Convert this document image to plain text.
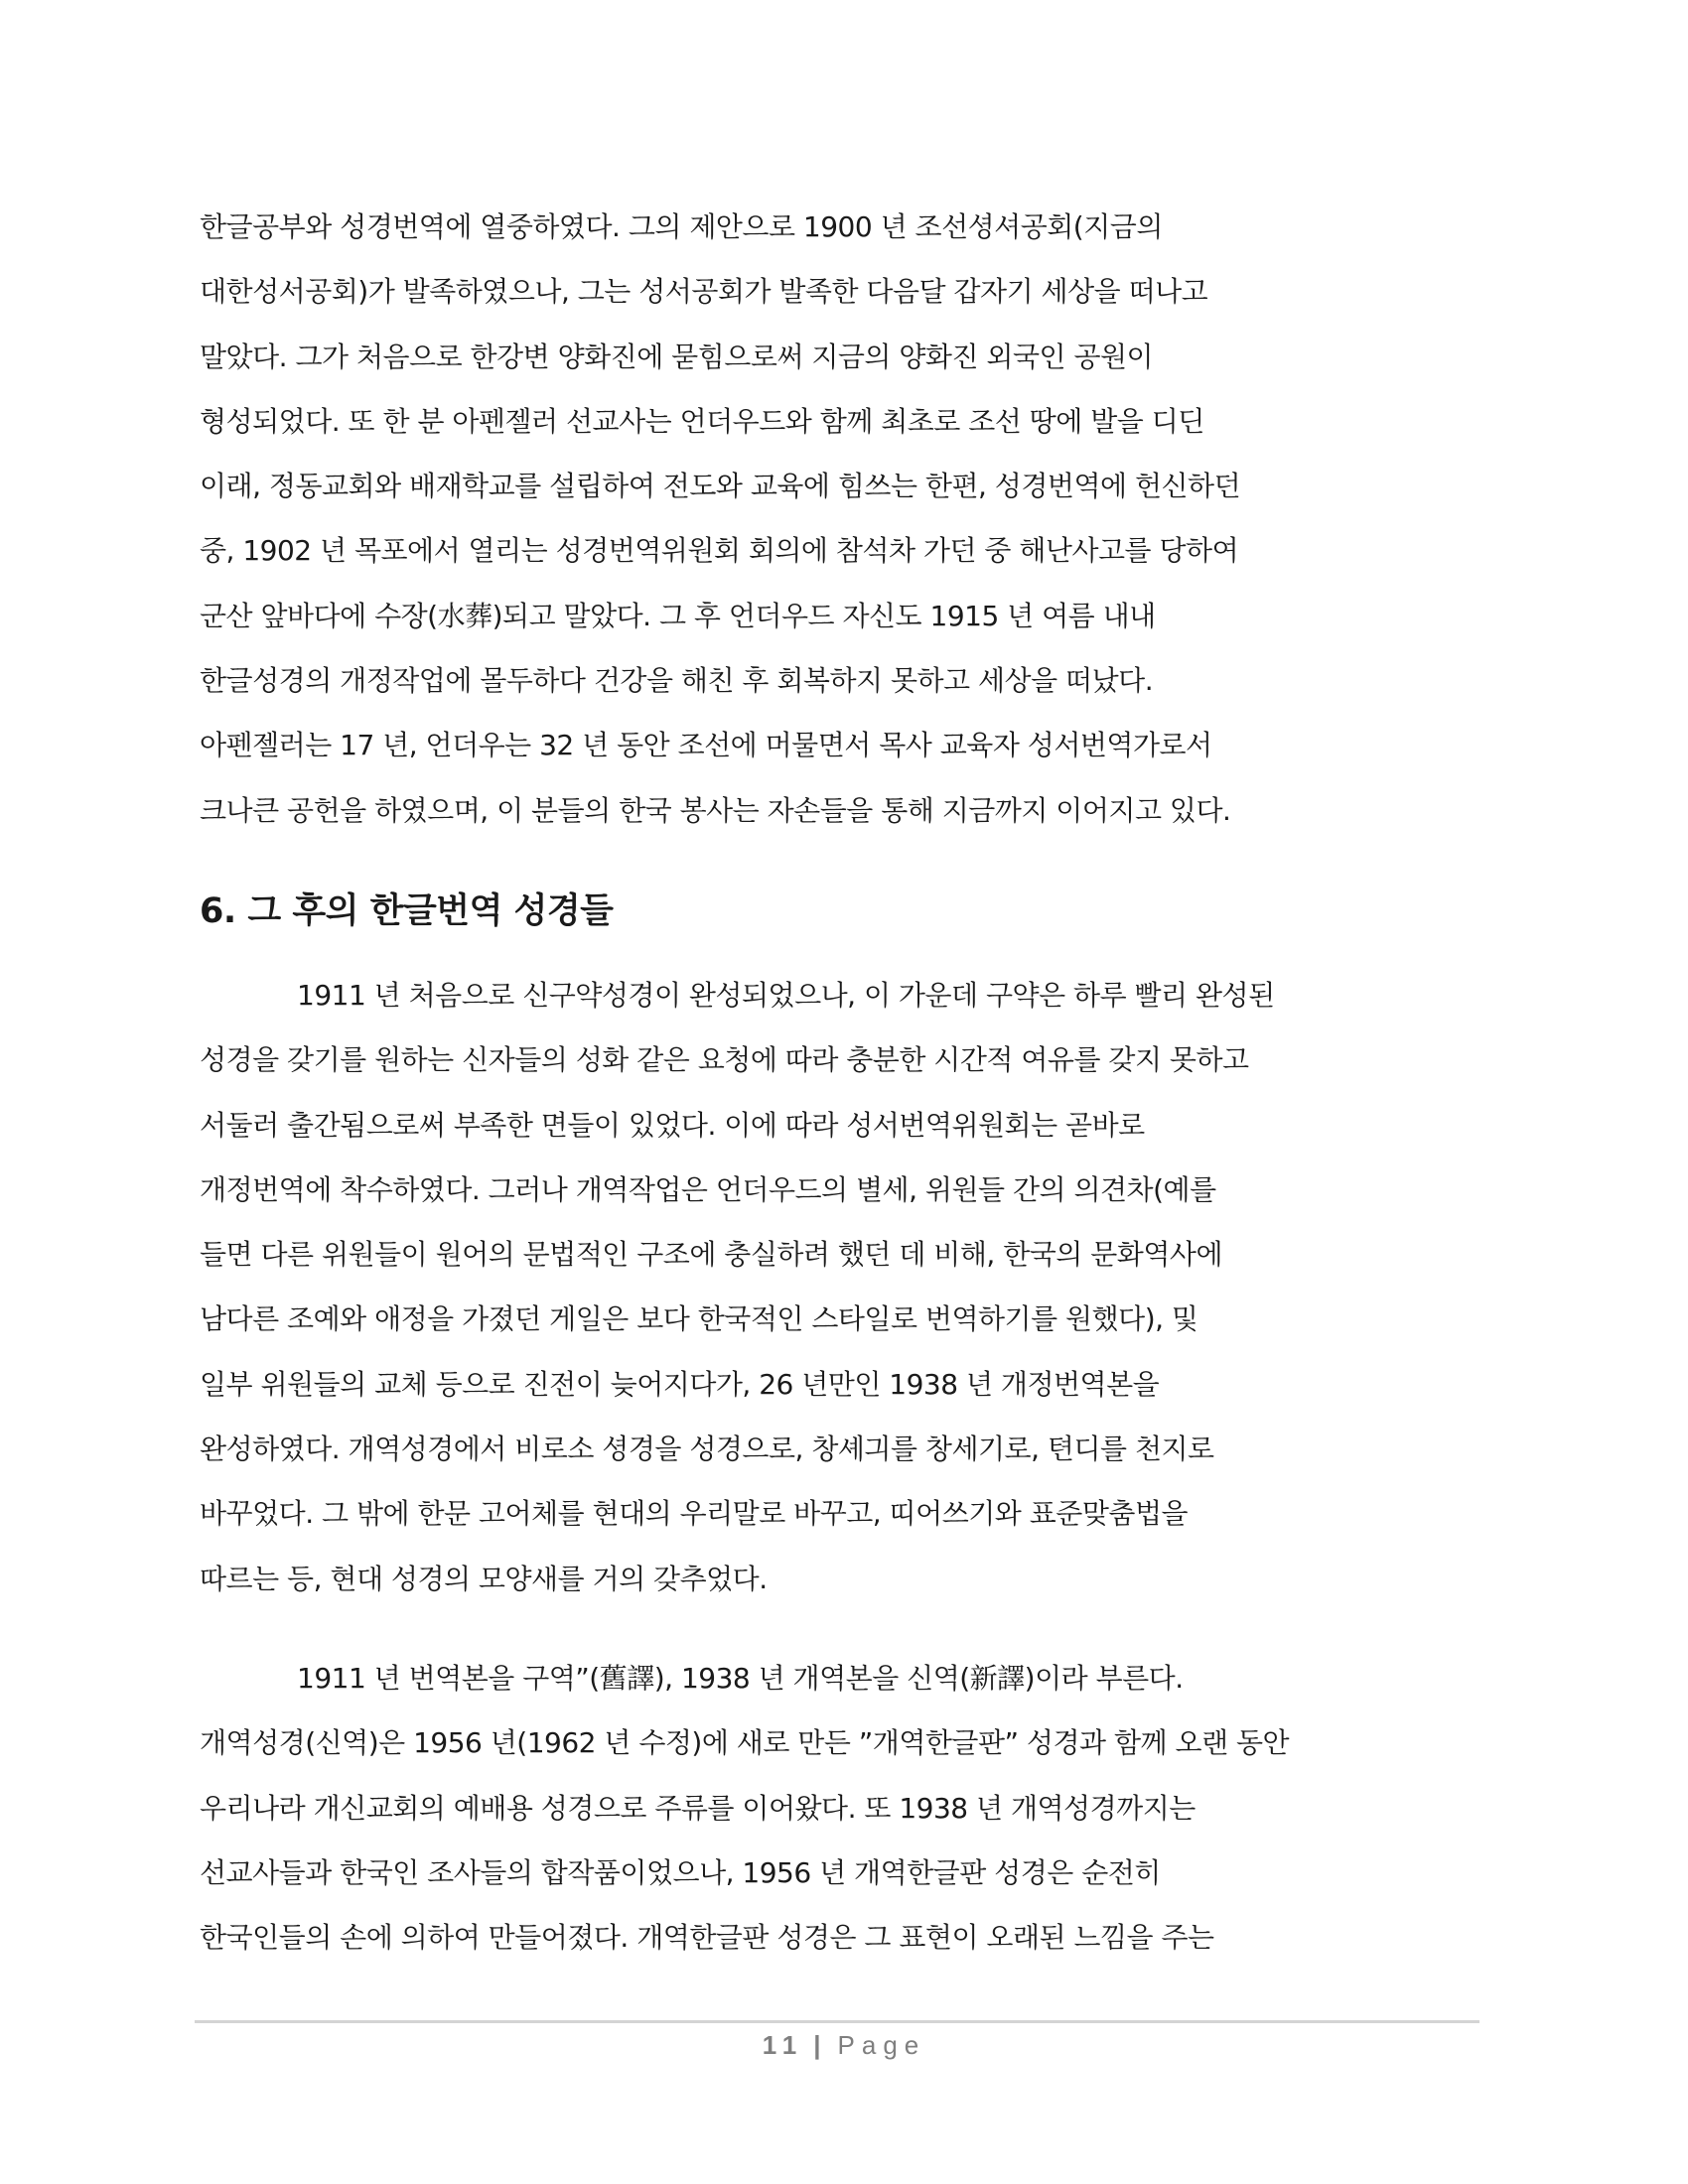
한글공부와 성경번역에 열중하였다. 그의 제안으로 1900 년 조선셩셔공회(지금의
대한성서공회)가 발족하였으나, 그는 성서공회가 발족한 다음달 갑자기 세상을 떠나고
말았다. 그가 처음으로 한강변 양화진에 묻힘으로써 지금의 양화진 외국인 공원이
형성되었다. 또 한 분 아펜젤러 선교사는 언더우드와 함께 최초로 조선 땅에 발을 디딘
이래, 정동교회와 배재학교를 설립하여 전도와 교육에 힘쓰는 한편, 성경번역에 헌신하던
중, 1902 년 목포에서 열리는 성경번역위원회 회의에 참석차 가던 중 해난사고를 당하여
군산 앞바다에 수장(水葬)되고 말았다. 그 후 언더우드 자신도 1915 년 여름 내내
한글성경의 개정작업에 몰두하다 건강을 해친 후 회복하지 못하고 세상을 떠났다.
아펜젤러는 17 년, 언더우는 32 년 동안 조선에 머물면서 목사 교육자 성서번역가로서
크나큰 공헌을 하였으며, 이 분들의 한국 봉사는 자손들을 통해 지금까지 이어지고 있다.
6. 그 후의 한글번역 성경들
1911 년 처음으로 신구약성경이 완성되었으나, 이 가운데 구약은 하루 빨리 완성된
성경을 갖기를 원하는 신자들의 성화 같은 요청에 따라 충분한 시간적 여유를 갖지 못하고
서둘러 출간됨으로써 부족한 면들이 있었다. 이에 따라 성서번역위원회는 곧바로
개정번역에 착수하였다. 그러나 개역작업은 언더우드의 별세, 위원들 간의 의견차(예를
들면 다른 위원들이 원어의 문법적인 구조에 충실하려 했던 데 비해, 한국의 문화역사에
남다른 조예와 애정을 가졌던 게일은 보다 한국적인 스타일로 번역하기를 원했다), 및
일부 위원들의 교체 등으로 진전이 늦어지다가, 26 년만인 1938 년 개정번역본을
완성하였다. 개역성경에서 비로소 셩경을 성경으로, 창셰긔를 창세기로, 텬디를 천지로
바꾸었다. 그 밖에 한문 고어체를 현대의 우리말로 바꾸고, 띠어쓰기와 표준맞춤법을
따르는 등, 현대 성경의 모양새를 거의 갖추었다.
1911 년 번역본을 구역”(舊譯), 1938 년 개역본을 신역(新譯)이라 부른다.
개역성경(신역)은 1956 년(1962 년 수정)에 새로 만든 ”개역한글판” 성경과 함께 오랜 동안
우리나라 개신교회의 예배용 성경으로 주류를 이어왔다. 또 1938 년 개역성경까지는
선교사들과 한국인 조사들의 합작품이었으나, 1956 년 개역한글판 성경은 순전히
한국인들의 손에 의하여 만들어졌다. 개역한글판 성경은 그 표현이 오래된 느낌을 주는
11 | Page
